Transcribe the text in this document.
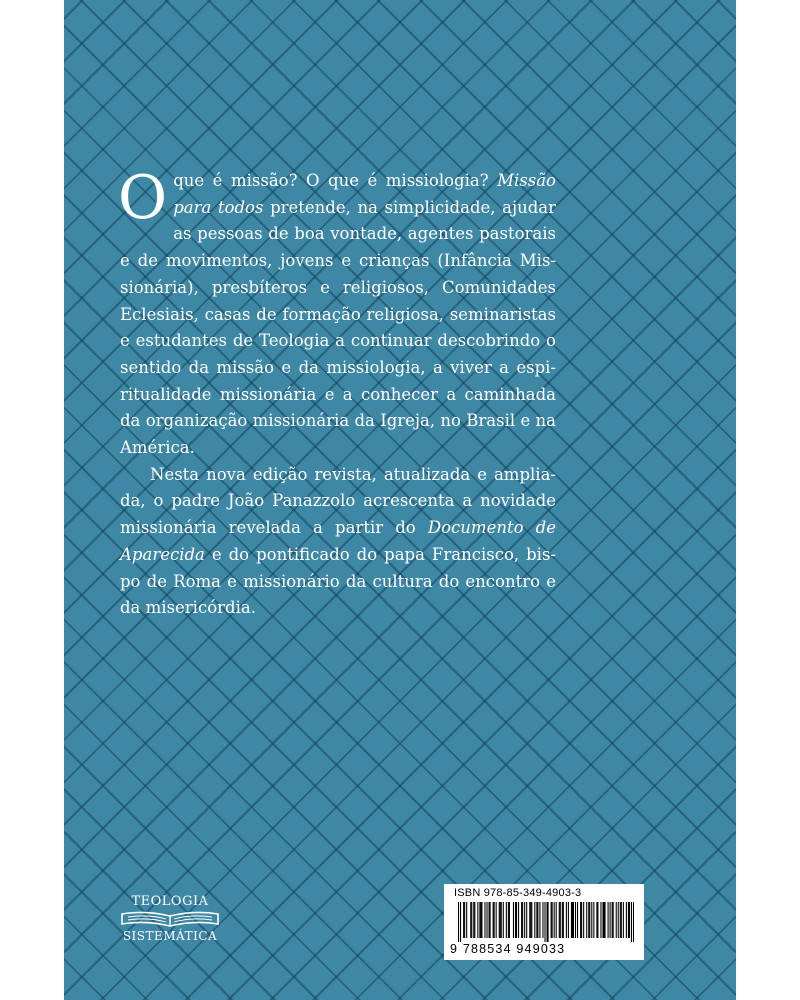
O que é missão? O que é missiologia? Missão para todos pretende, na simplicidade, ajudar as pessoas de boa vontade, agentes pastorais e de movimentos, jovens e crianças (Infância Missionária), presbíteros e religiosos, Comunidades Eclesiais, casas de formação religiosa, seminaristas e estudantes de Teologia a continuar descobrindo o sentido da missão e da missiologia, a viver a espiritualidade missionária e a conhecer a caminhada da organização missionária da Igreja, no Brasil e na América.

Nesta nova edição revista, atualizada e ampliada, o padre João Panazzolo acrescenta a novidade missionária revelada a partir do Documento de Aparecida e do pontificado do papa Francisco, bispo de Roma e missionário da cultura do encontro e da misericórdia.

TEOLOGIA
SISTEMÁTICA
ISBN 978-85-349-4903-3
9 788534 949033
